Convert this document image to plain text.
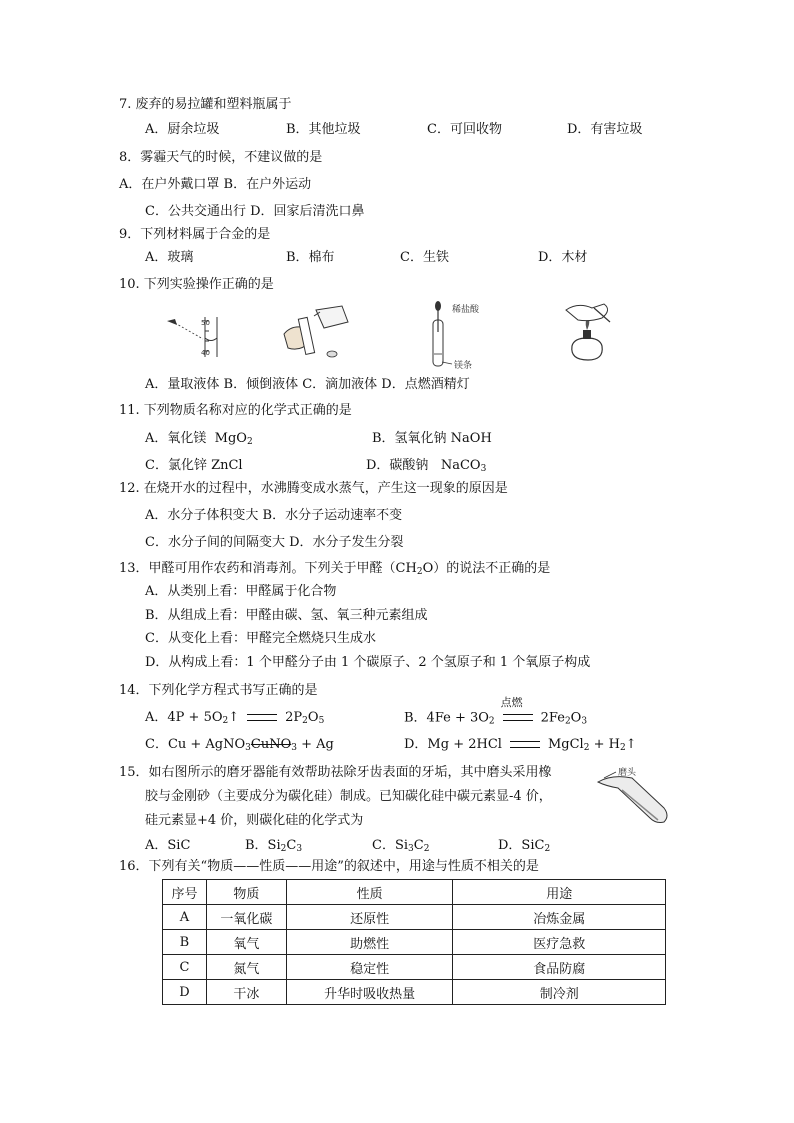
7. 废弃的易拉罐和塑料瓶属于
A．厨余垃圾	B．其他垃圾	C．可回收物	D．有害垃圾
8．雾霾天气的时候，不建议做的是
A．在户外戴口罩 B．在户外运动
C．公共交通出行 D．回家后清洗口鼻
9．下列材料属于合金的是
A．玻璃	B．棉布	C．生铁	D．木材
10. 下列实验操作正确的是
50
40
稀盐酸
镁条
A．量取液体 B．倾倒液体 C．滴加液体 D．点燃酒精灯
11. 下列物质名称对应的化学式正确的是
A．氧化镁 MgO$_2$	B．氢氧化钠 NaOH
C．氯化锌 ZnCl	D．碳酸钠 NaCO$_3$
12. 在烧开水的过程中，水沸腾变成水蒸气，产生这一现象的原因是
A．水分子体积变大 B．水分子运动速率不变
C．水分子间的间隔变大 D．水分子发生分裂
13．甲醛可用作农药和消毒剂。下列关于甲醛$(CH_2O)$的说法不正确的是
A．从类别上看：甲醛属于化合物
B．从组成上看：甲醛由碳、氢、氧三种元素组成
C．从变化上看：甲醛完全燃烧只生成水
D．从构成上看：1 个甲醛分子由 1 个碳原子、2 个氢原子和 1 个氧原子构成
14．下列化学方程式书写正确的是
A．$4P + 5O_2↑$	$2P_2O_5$	B．$4Fe + 3O_2$
点燃
$2Fe_2O_3$
C．Cu + AgNO$_3$CuNO$_3$ + Ag	D．Mg + 2HCl	MgCl$_2$ + $H_2↑$
15．如右图所示的磨牙器能有效帮助祛除牙齿表面的牙垢，其中磨头采用橡
胶与金刚砂（主要成分为碳化硅）制成。已知碳化硅中碳元素显-4 价，
硅元素显+4 价，则碳化硅的化学式为
磨头
A．SiC	B．$Si_2C_3$	C．$Si_3C_2$	D．SiC$_2$
16．下列有关“物质——性质——用途”的叙述中，用途与性质不相关的是
序号	物质	性质	用途
A	一氧化碳	还原性	冶炼金属
B	氧气	助燃性	医疗急救
C	氮气	稳定性	食品防腐
D	干冰	升华时吸收热量	制冷剂
